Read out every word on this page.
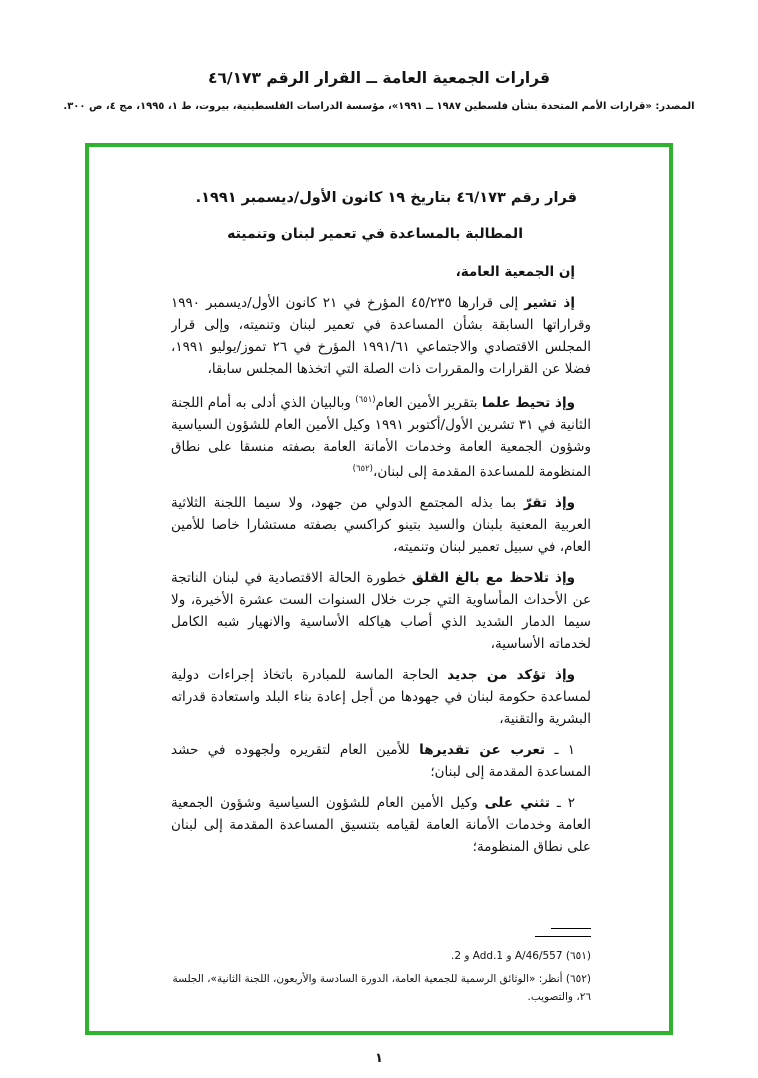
قرارات الجمعية العامة ــ القرار الرقم ٤٦/١٧٣
المصدر: «قرارات الأمم المتحدة بشأن فلسطين ١٩٨٧ ــ ١٩٩١»، مؤسسة الدراسات الفلسطينية، بيروت، ط ١، ١٩٩٥، مج ٤، ص ٣٠٠.
قرار رقم ٤٦/١٧٣ بتاريخ ١٩ كانون الأول/ديسمبر ١٩٩١.
المطالبة بالمساعدة في تعمير لبنان وتنميته

إن الجمعية العامة،

إذ تشير إلى قرارها ٤٥/٢٣٥ المؤرخ في ٢١ كانون الأول/ديسمبر ١٩٩٠ وقراراتها السابقة بشأن المساعدة في تعمير لبنان وتنميته، وإلى قرار المجلس الاقتصادي والاجتماعي ١٩٩١/٦١ المؤرخ في ٢٦ تموز/يوليو ١٩٩١، فضلا عن القرارات والمقررات ذات الصلة التي اتخذها المجلس سابقا،

وإذ تحيط علما بتقرير الأمين العام$^{(٦٥١)}$ وبالبيان الذي أدلى به أمام اللجنة الثانية في ٣١ تشرين الأول/أكتوبر ١٩٩١ وكيل الأمين العام للشؤون السياسية وشؤون الجمعية العامة وخدمات الأمانة العامة بصفته منسقا على نطاق المنظومة للمساعدة المقدمة إلى لبنان،$^{(٦٥٢)}$

وإذ تقرّ بما بذله المجتمع الدولي من جهود، ولا سيما اللجنة الثلاثية العربية المعنية بلبنان والسيد بتينو كراكسي بصفته مستشارا خاصا للأمين العام، في سبيل تعمير لبنان وتنميته،

وإذ تلاحظ مع بالغ القلق خطورة الحالة الاقتصادية في لبنان الناتجة عن الأحداث المأساوية التي جرت خلال السنوات الست عشرة الأخيرة، ولا سيما الدمار الشديد الذي أصاب هياكله الأساسية والانهيار شبه الكامل لخدماته الأساسية،

وإذ تؤكد من جديد الحاجة الماسة للمبادرة باتخاذ إجراءات دولية لمساعدة حكومة لبنان في جهودها من أجل إعادة بناء البلد واستعادة قدراته البشرية والتقنية،

١ ـ تعرب عن تقديرها للأمين العام لتقريره ولجهوده في حشد المساعدة المقدمة إلى لبنان؛

٢ ـ تثني على وكيل الأمين العام للشؤون السياسية وشؤون الجمعية العامة وخدمات الأمانة العامة لقيامه بتنسيق المساعدة المقدمة إلى لبنان على نطاق المنظومة؛

(٦٥١) A/46/557 و Add.1 و 2.
(٦٥٢) أنظر: «الوثائق الرسمية للجمعية العامة، الدورة السادسة والأربعون، اللجنة الثانية»، الجلسة ٢٦، والتصويب.
١
